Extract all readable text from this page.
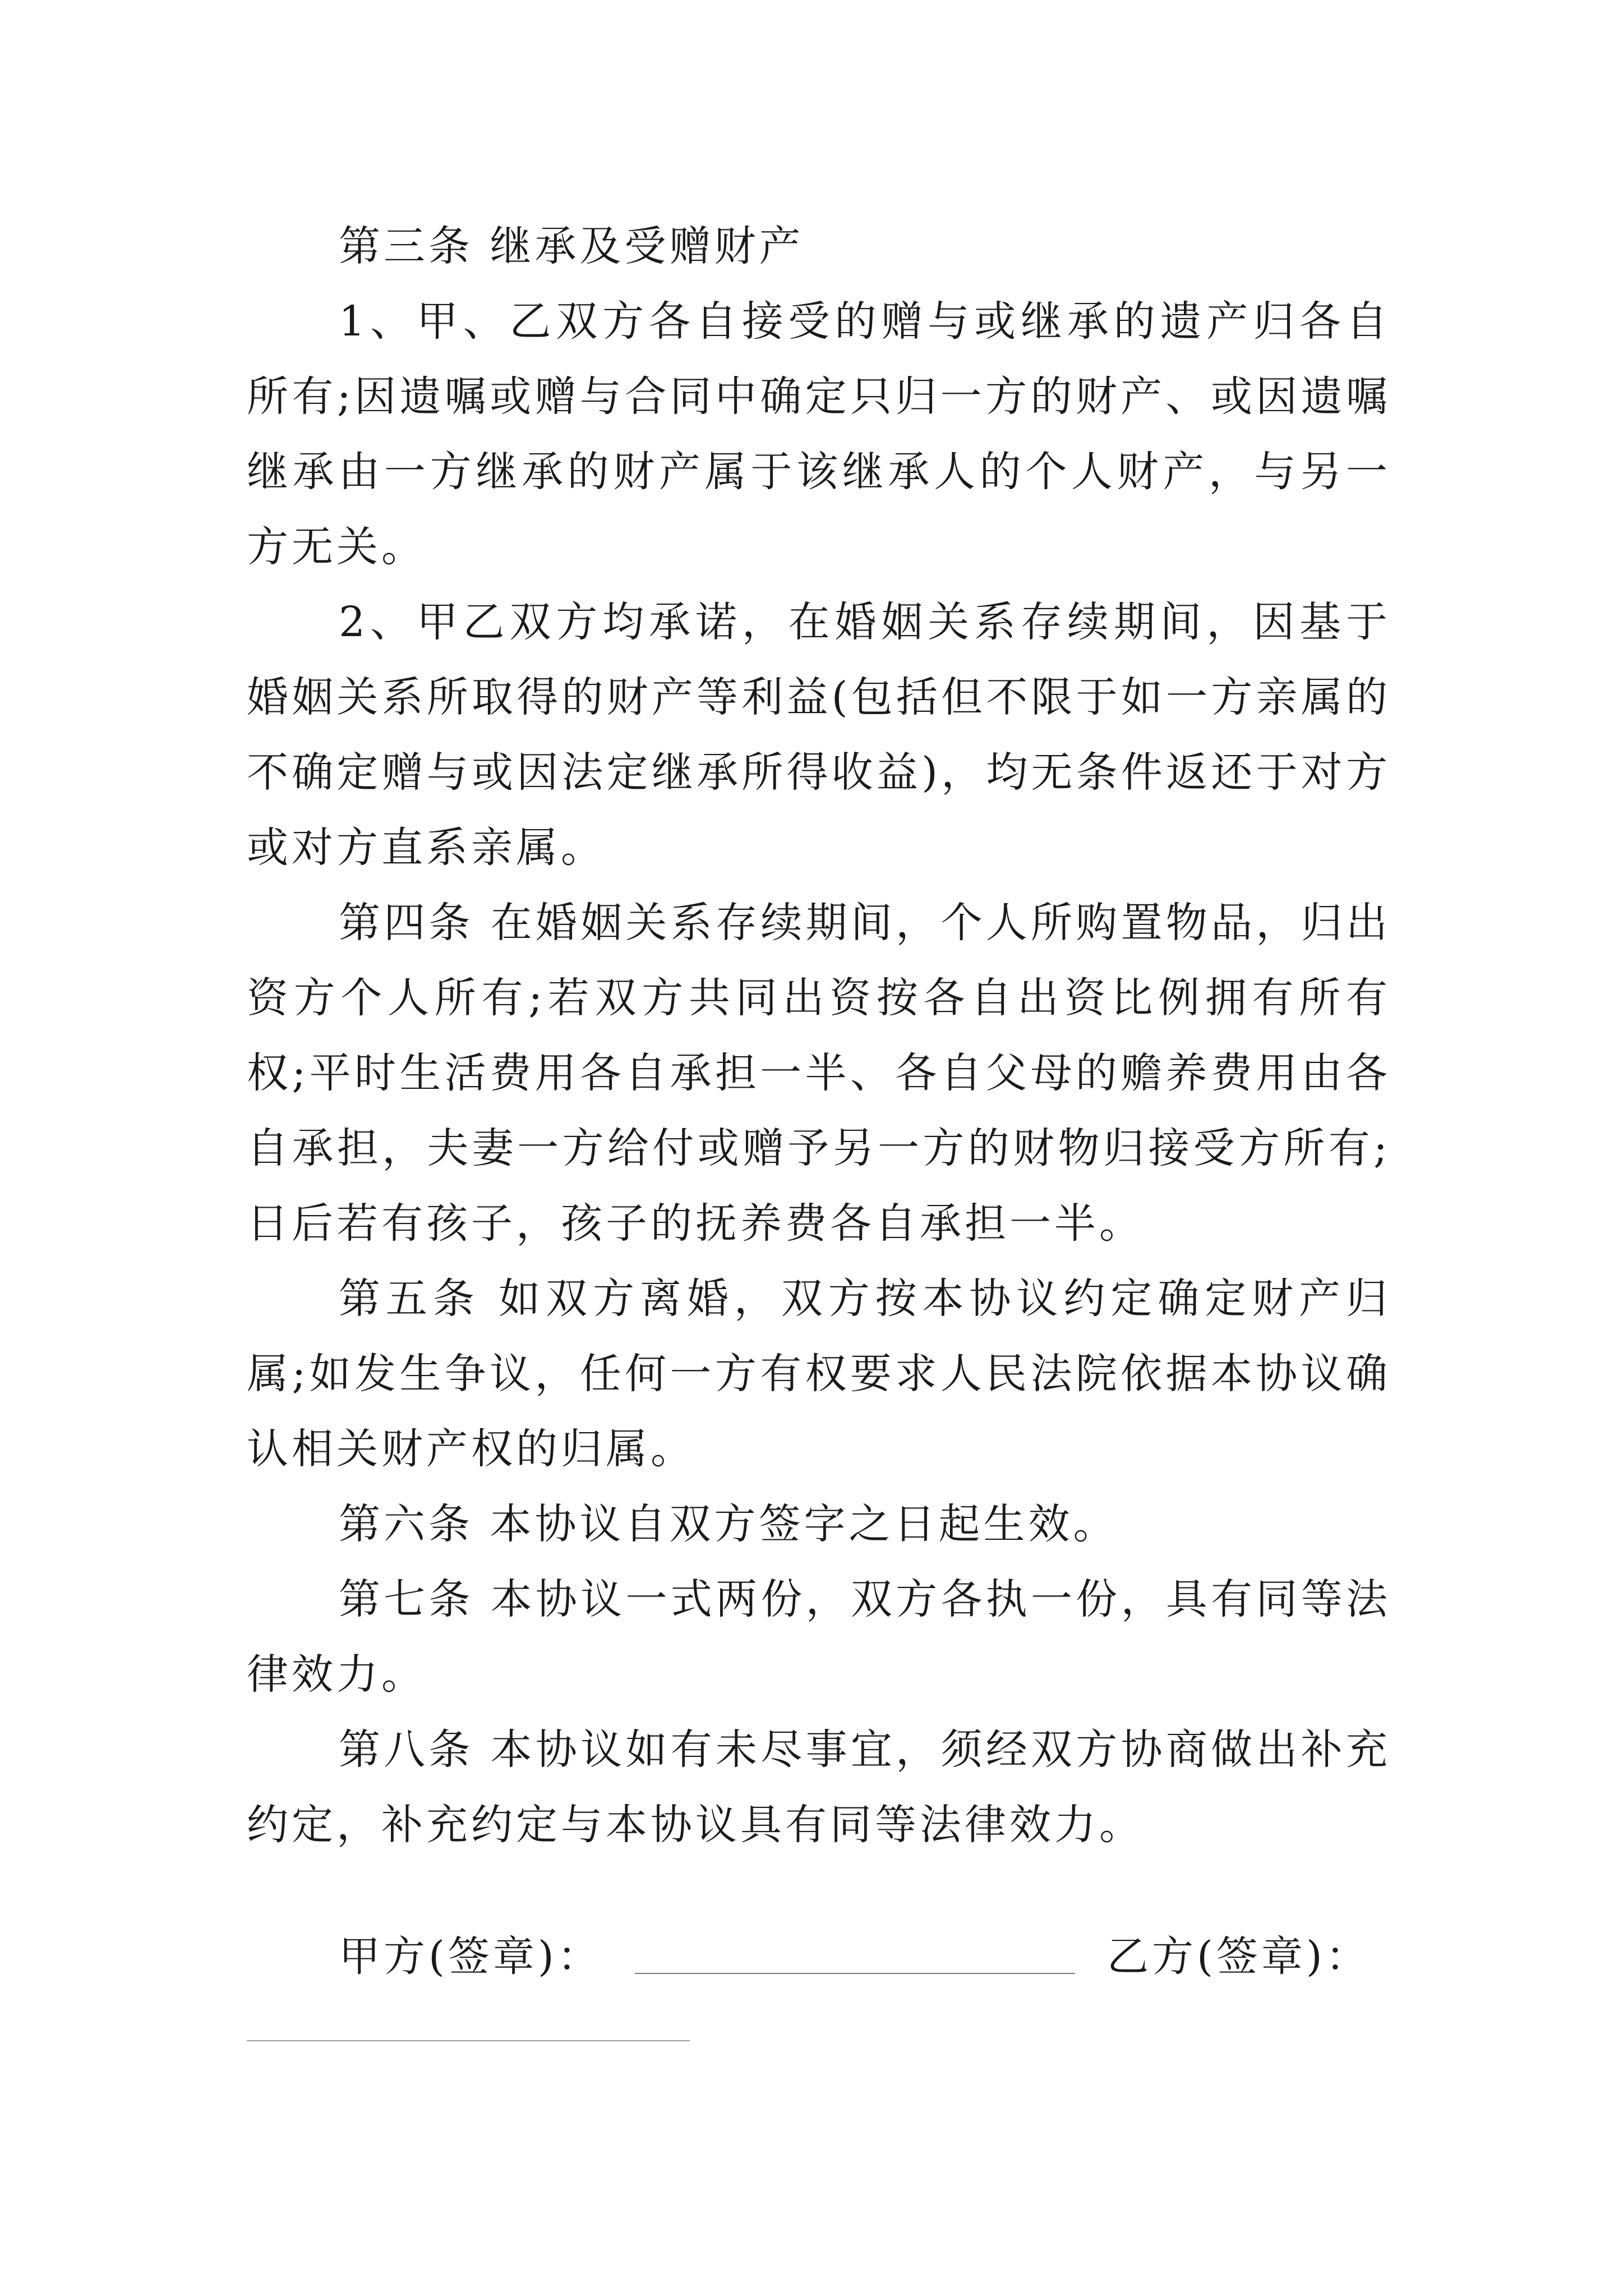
第三条 继承及受赠财产

1、甲、乙双方各自接受的赠与或继承的遗产归各自所有;因遗嘱或赠与合同中确定只归一方的财产、或因遗嘱继承由一方继承的财产属于该继承人的个人财产，与另一方无关。

2、甲乙双方均承诺，在婚姻关系存续期间，因基于婚姻关系所取得的财产等利益(包括但不限于如一方亲属的不确定赠与或因法定继承所得收益)，均无条件返还于对方或对方直系亲属。

第四条 在婚姻关系存续期间，个人所购置物品，归出资方个人所有;若双方共同出资按各自出资比例拥有所有权;平时生活费用各自承担一半、各自父母的赡养费用由各自承担，夫妻一方给付或赠予另一方的财物归接受方所有;日后若有孩子，孩子的抚养费各自承担一半。

第五条 如双方离婚，双方按本协议约定确定财产归属;如发生争议，任何一方有权要求人民法院依据本协议确认相关财产权的归属。

第六条 本协议自双方签字之日起生效。

第七条 本协议一式两份，双方各执一份，具有同等法律效力。

第八条 本协议如有未尽事宜，须经双方协商做出补充约定，补充约定与本协议具有同等法律效力。

甲方(签章)：	乙方(签章)：
